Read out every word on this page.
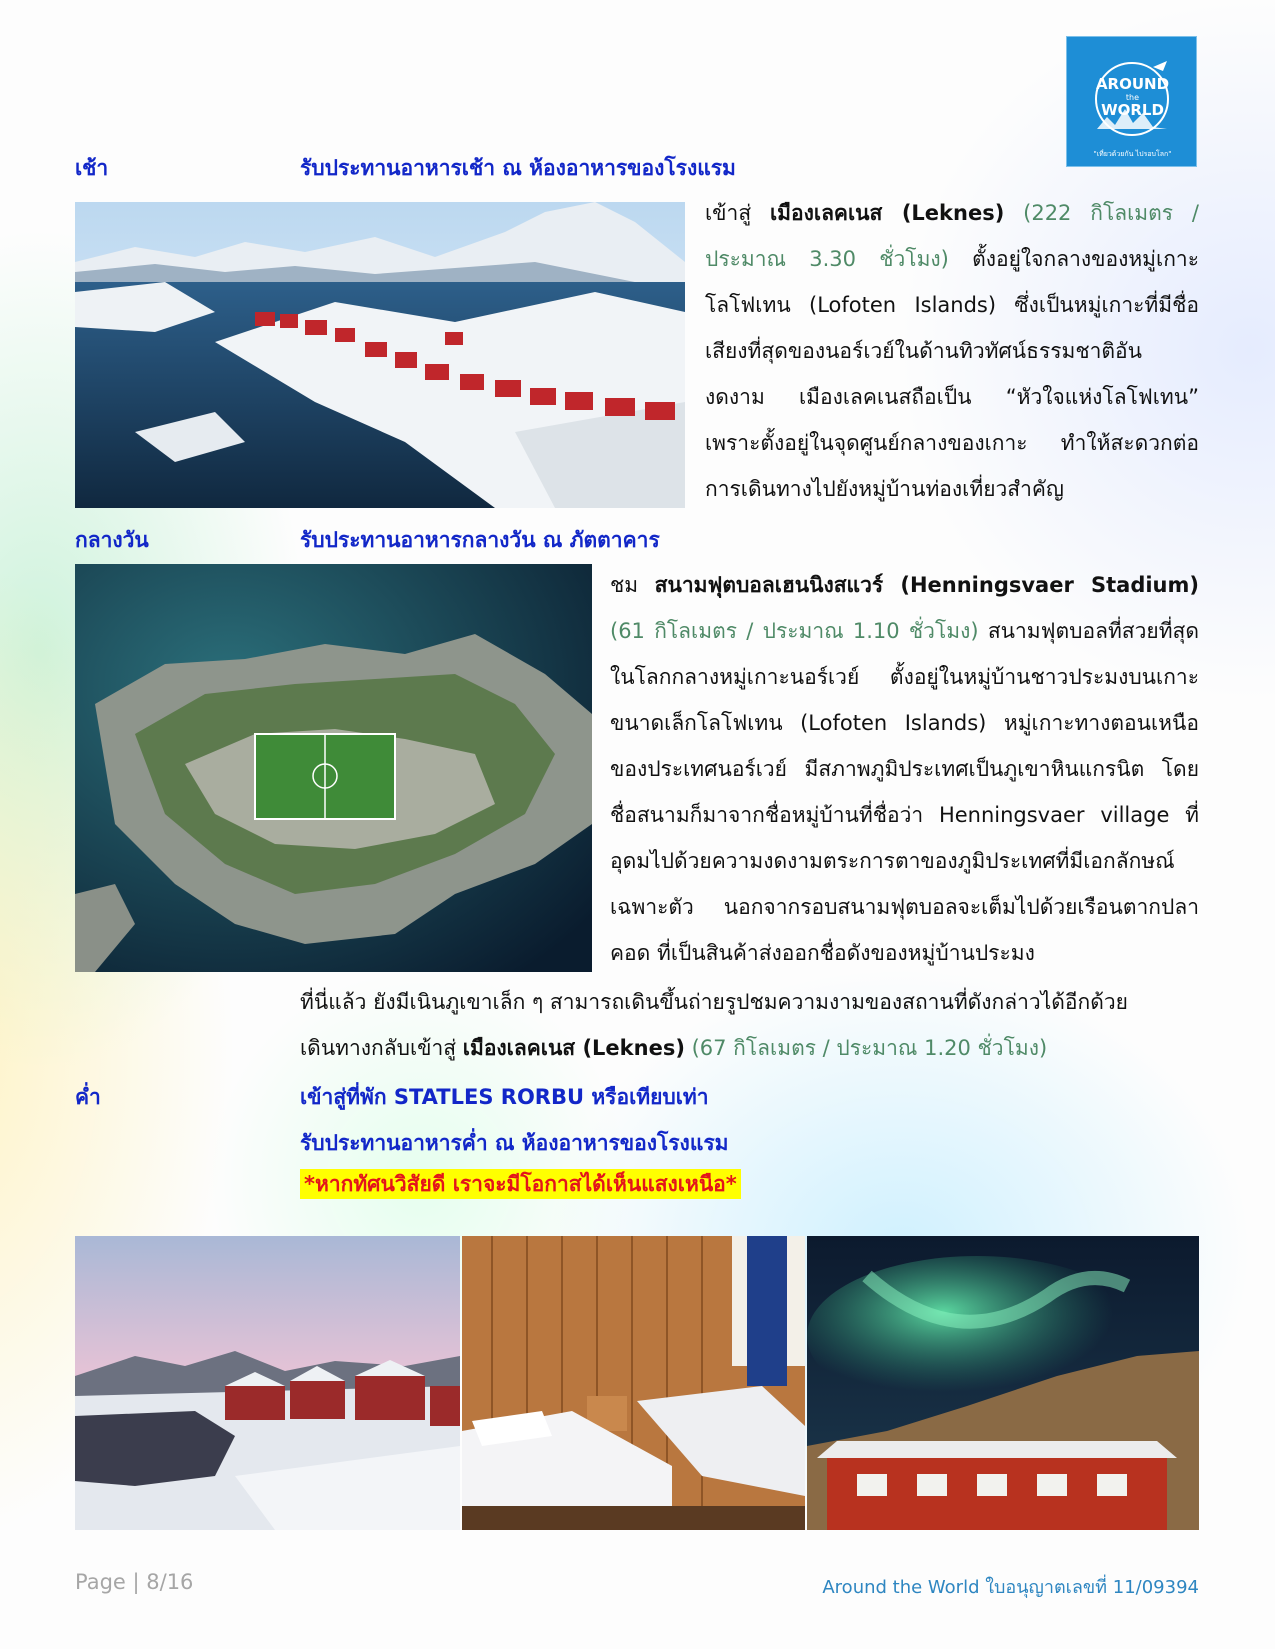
AROUND
the
WORLD
"เที่ยวด้วยกัน ไปรอบโลก"
เช้า	รับประทานอาหารเช้า ณ ห้องอาหารของโรงแรม
เข้าสู่ เมืองเลคเนส (Leknes) (222 กิโลเมตร / ประมาณ 3.30 ชั่วโมง) ตั้งอยู่ใจกลางของหมู่เกาะโลโฟเทน (Lofoten Islands) ซึ่งเป็นหมู่เกาะที่มีชื่อเสียงที่สุดของนอร์เวย์ในด้านทิวทัศน์ธรรมชาติอันงดงาม เมืองเลคเนสถือเป็น “หัวใจแห่งโลโฟเทน” เพราะตั้งอยู่ในจุดศูนย์กลางของเกาะ ทำให้สะดวกต่อการเดินทางไปยังหมู่บ้านท่องเที่ยวสำคัญ
กลางวัน	รับประทานอาหารกลางวัน ณ ภัตตาคาร
ชม สนามฟุตบอลเฮนนิงสแวร์ (Henningsvaer Stadium) (61 กิโลเมตร / ประมาณ 1.10 ชั่วโมง) สนามฟุตบอลที่สวยที่สุดในโลกกลางหมู่เกาะนอร์เวย์ ตั้งอยู่ในหมู่บ้านชาวประมงบนเกาะขนาดเล็กโลโฟเทน (Lofoten Islands) หมู่เกาะทางตอนเหนือของประเทศนอร์เวย์ มีสภาพภูมิประเทศเป็นภูเขาหินแกรนิต โดยชื่อสนามก็มาจากชื่อหมู่บ้านที่ชื่อว่า Henningsvaer village ที่อุดมไปด้วยความงดงามตระการตาของภูมิประเทศที่มีเอกลักษณ์เฉพาะตัว นอกจากรอบสนามฟุตบอลจะเต็มไปด้วยเรือนตากปลาคอด ที่เป็นสินค้าส่งออกชื่อดังของหมู่บ้านประมง
ที่นี่แล้ว ยังมีเนินภูเขาเล็ก ๆ สามารถเดินขึ้นถ่ายรูปชมความงามของสถานที่ดังกล่าวได้อีกด้วย
เดินทางกลับเข้าสู่ เมืองเลคเนส (Leknes) (67 กิโลเมตร / ประมาณ 1.20 ชั่วโมง)
ค่ำ	เข้าสู่ที่พัก STATLES RORBU หรือเทียบเท่า
รับประทานอาหารค่ำ ณ ห้องอาหารของโรงแรม
*หากทัศนวิสัยดี เราจะมีโอกาสได้เห็นแสงเหนือ*
Page | 8/16	Around the World ใบอนุญาตเลขที่ 11/09394
